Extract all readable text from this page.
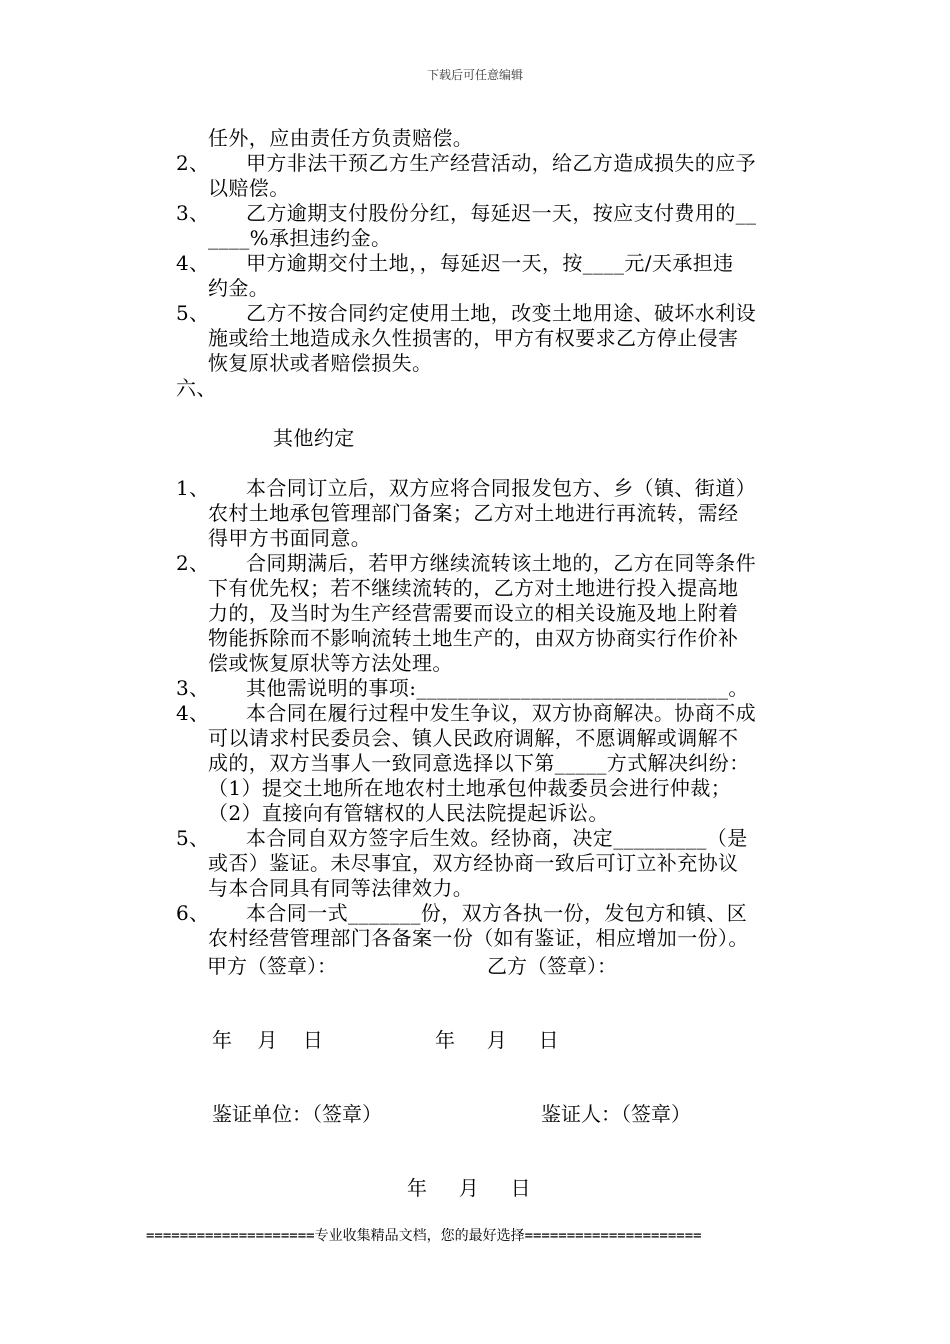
下载后可任意编辑
任外，应由责任方负责赔偿。
2、	甲方非法干预乙方生产经营活动，给乙方造成损失的应予
以赔偿。
3、	乙方逾期支付股份分红，每延迟一天，按应支付费用的__
____%承担违约金。
4、	甲方逾期交付土地，，每延迟一天，按____元/天承担违
约金。
5、	乙方不按合同约定使用土地，改变土地用途、破坏水利设
施或给土地造成永久性损害的，甲方有权要求乙方停止侵害
恢复原状或者赔偿损失。

六、

其他约定

1、	本合同订立后，双方应将合同报发包方、乡（镇、街道）
农村土地承包管理部门备案；乙方对土地进行再流转，需经
得甲方书面同意。
2、	合同期满后，若甲方继续流转该土地的，乙方在同等条件
下有优先权；若不继续流转的，乙方对土地进行投入提高地
力的，及当时为生产经营需要而设立的相关设施及地上附着
物能拆除而不影响流转土地生产的，由双方协商实行作价补
偿或恢复原状等方法处理。
3、	其他需说明的事项:______________________________。
4、	本合同在履行过程中发生争议，双方协商解决。协商不成
可以请求村民委员会、镇人民政府调解，不愿调解或调解不
成的，双方当事人一致同意选择以下第_____方式解决纠纷：
（1）提交土地所在地农村土地承包仲裁委员会进行仲裁；
（2）直接向有管辖权的人民法院提起诉讼。
5、	本合同自双方签字后生效。经协商，决定_________（是
或否）鉴证。未尽事宜，双方经协商一致后可订立补充协议
与本合同具有同等法律效力。
6、	本合同一式_______份，双方各执一份，发包方和镇、区
农村经营管理部门各备案一份（如有鉴证，相应增加一份）。
甲方（签章）：	乙方（签章）：
年    月    日	年     月     日
鉴证单位：（签章）	鉴证人：（签章）
年     月     日
====================专业收集精品文档，您的最好选择=====================
